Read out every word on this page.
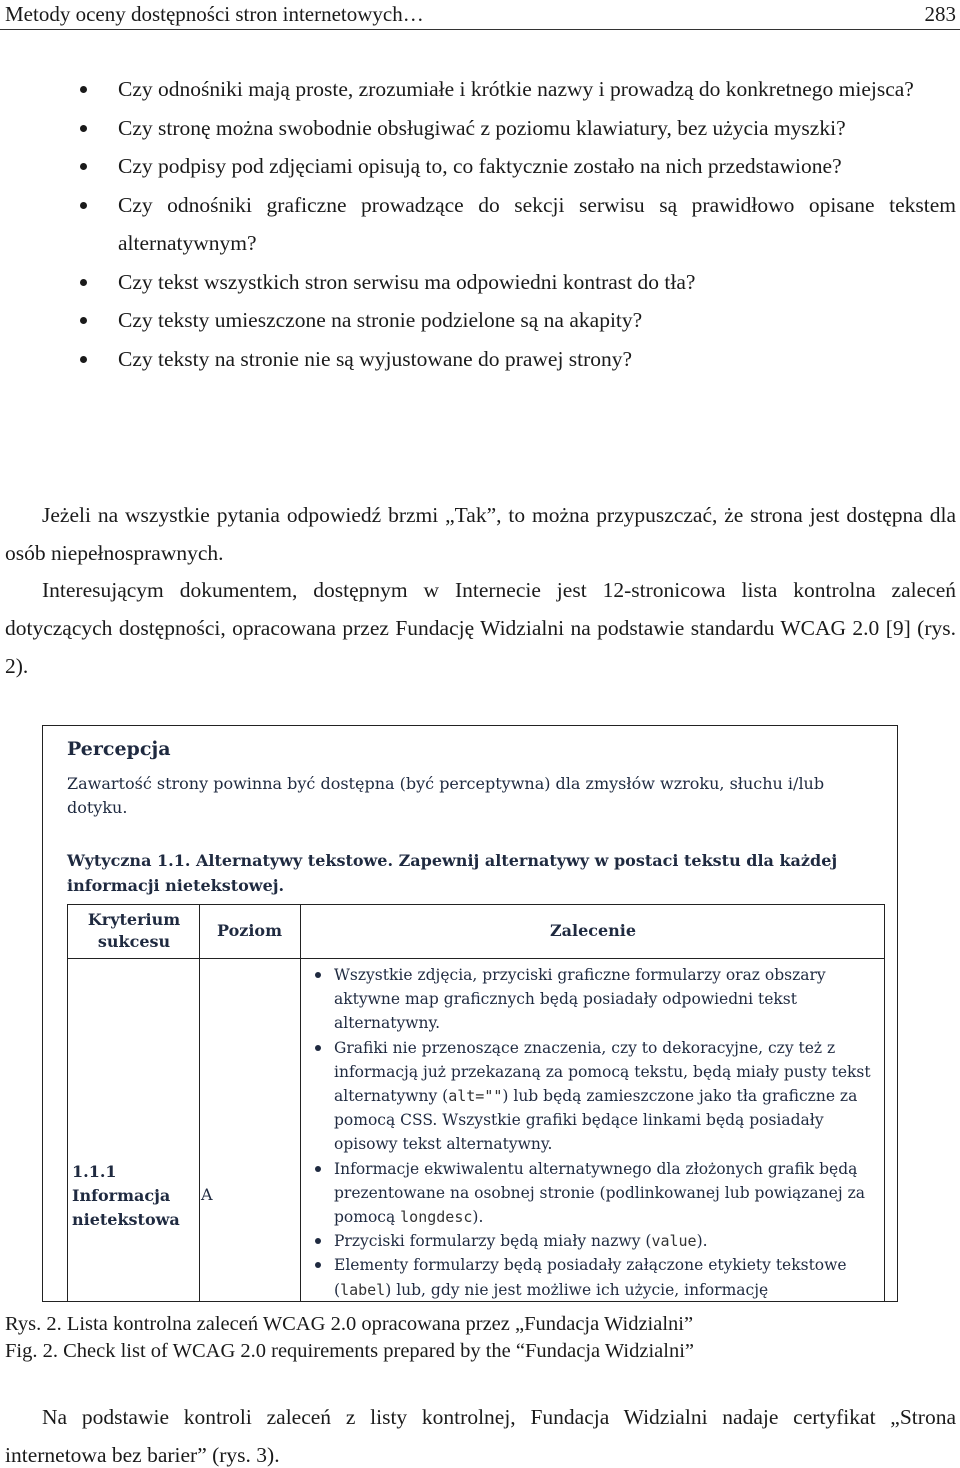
Metody oceny dostępności stron internetowych…	283
Czy odnośniki mają proste, zrozumiałe i krótkie nazwy i prowadzą do konkretnego miejsca?
Czy stronę można swobodnie obsługiwać z poziomu klawiatury, bez użycia myszki?
Czy podpisy pod zdjęciami opisują to, co faktycznie zostało na nich przedstawione?
Czy odnośniki graficzne prowadzące do sekcji serwisu są prawidłowo opisane tekstem alternatywnym?
Czy tekst wszystkich stron serwisu ma odpowiedni kontrast do tła?
Czy teksty umieszczone na stronie podzielone są na akapity?
Czy teksty na stronie nie są wyjustowane do prawej strony?

Jeżeli na wszystkie pytania odpowiedź brzmi „Tak”, to można przypuszczać, że strona jest dostępna dla osób niepełnosprawnych.

Interesującym dokumentem, dostępnym w Internecie jest 12-stronicowa lista kontrolna zaleceń dotyczących dostępności, opracowana przez Fundację Widzialni na podstawie standardu WCAG 2.0 [9] (rys. 2).

Percepcja
Zawartość strony powinna być dostępna (być perceptywna) dla zmysłów wzroku, słuchu i/lub dotyku.
Wytyczna 1.1. Alternatywy tekstowe. Zapewnij alternatywy w postaci tekstu dla każdej informacji nietekstowej.
Kryterium sukcesu
Poziom	Zalecenie
1.1.1 Informacja nietekstowa
A
Wszystkie zdjęcia, przyciski graficzne formularzy oraz obszary aktywne map graficznych będą posiadały odpowiedni tekst alternatywny.
Grafiki nie przenoszące znaczenia, czy to dekoracyjne, czy też z informacją już przekazaną za pomocą tekstu, będą miały pusty tekst alternatywny (alt="") lub będą zamieszczone jako tła graficzne za pomocą CSS. Wszystkie grafiki będące linkami będą posiadały opisowy tekst alternatywny.
Informacje ekwiwalentu alternatywnego dla złożonych grafik będą prezentowane na osobnej stronie (podlinkowanej lub powiązanej za pomocą longdesc).
Przyciski formularzy będą miały nazwy (value).
Elementy formularzy będą posiadały załączone etykiety tekstowe (label) lub, gdy nie jest możliwe ich użycie, informację
Rys. 2. Lista kontrolna zaleceń WCAG 2.0 opracowana przez „Fundacja Widzialni”
Fig. 2. Check list of WCAG 2.0 requirements prepared by the “Fundacja Widzialni”

Na podstawie kontroli zaleceń z listy kontrolnej, Fundacja Widzialni nadaje certyfikat „Strona internetowa bez barier” (rys. 3).
